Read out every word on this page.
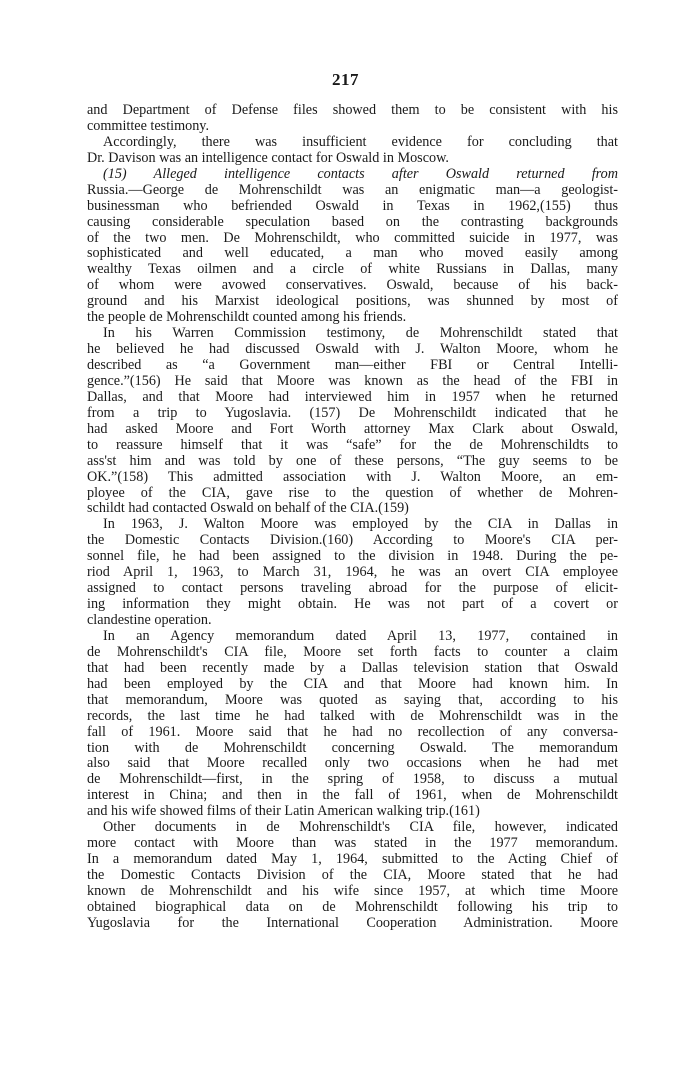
217
and Department of Defense files showed them to be consistent with his
committee testimony.
Accordingly, there was insufficient evidence for concluding that
Dr. Davison was an intelligence contact for Oswald in Moscow.
(15) Alleged intelligence contacts after Oswald returned from
Russia.—George de Mohrenschildt was an enigmatic man—a geologist-
businessman who befriended Oswald in Texas in 1962,(155) thus
causing considerable speculation based on the contrasting backgrounds
of the two men. De Mohrenschildt, who committed suicide in 1977, was
sophisticated and well educated, a man who moved easily among
wealthy Texas oilmen and a circle of white Russians in Dallas, many
of whom were avowed conservatives. Oswald, because of his back-
ground and his Marxist ideological positions, was shunned by most of
the people de Mohrenschildt counted among his friends.
In his Warren Commission testimony, de Mohrenschildt stated that
he believed he had discussed Oswald with J. Walton Moore, whom he
described as “a Government man—either FBI or Central Intelli-
gence.”(156) He said that Moore was known as the head of the FBI in
Dallas, and that Moore had interviewed him in 1957 when he returned
from a trip to Yugoslavia. (157) De Mohrenschildt indicated that he
had asked Moore and Fort Worth attorney Max Clark about Oswald,
to reassure himself that it was “safe” for the de Mohrenschildts to
ass'st him and was told by one of these persons, “The guy seems to be
OK.”(158) This admitted association with J. Walton Moore, an em-
ployee of the CIA, gave rise to the question of whether de Mohren-
schildt had contacted Oswald on behalf of the CIA.(159)
In 1963, J. Walton Moore was employed by the CIA in Dallas in
the Domestic Contacts Division.(160) According to Moore's CIA per-
sonnel file, he had been assigned to the division in 1948. During the pe-
riod April 1, 1963, to March 31, 1964, he was an overt CIA employee
assigned to contact persons traveling abroad for the purpose of elicit-
ing information they might obtain. He was not part of a covert or
clandestine operation.
In an Agency memorandum dated April 13, 1977, contained in
de Mohrenschildt's CIA file, Moore set forth facts to counter a claim
that had been recently made by a Dallas television station that Oswald
had been employed by the CIA and that Moore had known him. In
that memorandum, Moore was quoted as saying that, according to his
records, the last time he had talked with de Mohrenschildt was in the
fall of 1961. Moore said that he had no recollection of any conversa-
tion with de Mohrenschildt concerning Oswald. The memorandum
also said that Moore recalled only two occasions when he had met
de Mohrenschildt—first, in the spring of 1958, to discuss a mutual
interest in China; and then in the fall of 1961, when de Mohrenschildt
and his wife showed films of their Latin American walking trip.(161)
Other documents in de Mohrenschildt's CIA file, however, indicated
more contact with Moore than was stated in the 1977 memorandum.
In a memorandum dated May 1, 1964, submitted to the Acting Chief of
the Domestic Contacts Division of the CIA, Moore stated that he had
known de Mohrenschildt and his wife since 1957, at which time Moore
obtained biographical data on de Mohrenschildt following his trip to
Yugoslavia for the International Cooperation Administration. Moore
